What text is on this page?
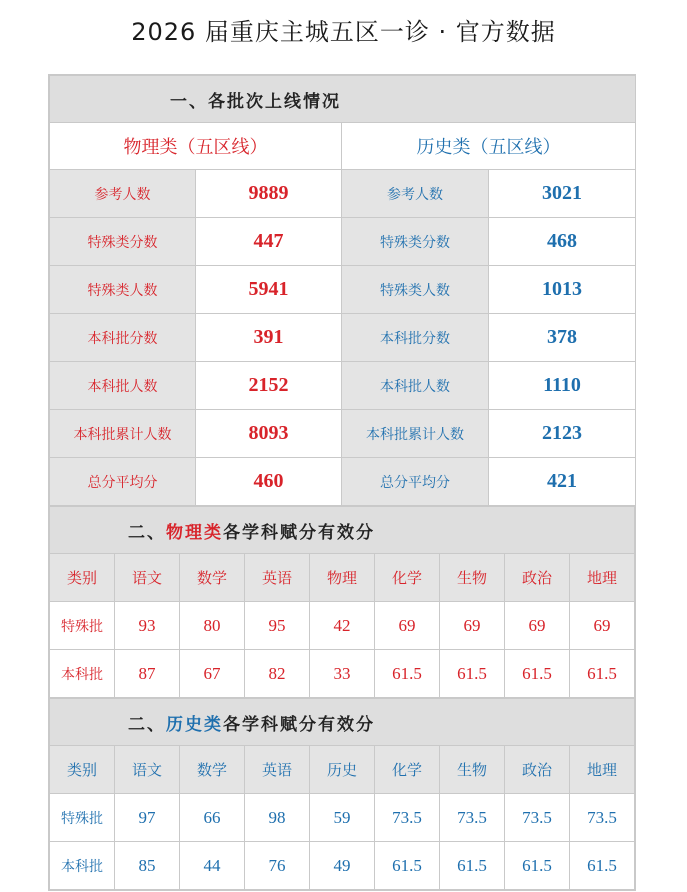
2026 届重庆主城五区一诊 · 官方数据
一、各批次上线情况			
物理类（五区线）		历史类（五区线）	
参考人数	9889	参考人数	3021
特殊类分数	447	特殊类分数	468
特殊类人数	5941	特殊类人数	1013
本科批分数	391	本科批分数	378
本科批人数	2152	本科批人数	1110
本科批累计人数	8093	本科批累计人数	2123
总分平均分	460	总分平均分	421
二、物理类各学科赋分有效分								
类别	语文	数学	英语	物理	化学	生物	政治	地理
特殊批	93	80	95	42	69	69	69	69
本科批	87	67	82	33	61.5	61.5	61.5	61.5
二、历史类各学科赋分有效分								
类别	语文	数学	英语	历史	化学	生物	政治	地理
特殊批	97	66	98	59	73.5	73.5	73.5	73.5
本科批	85	44	76	49	61.5	61.5	61.5	61.5
